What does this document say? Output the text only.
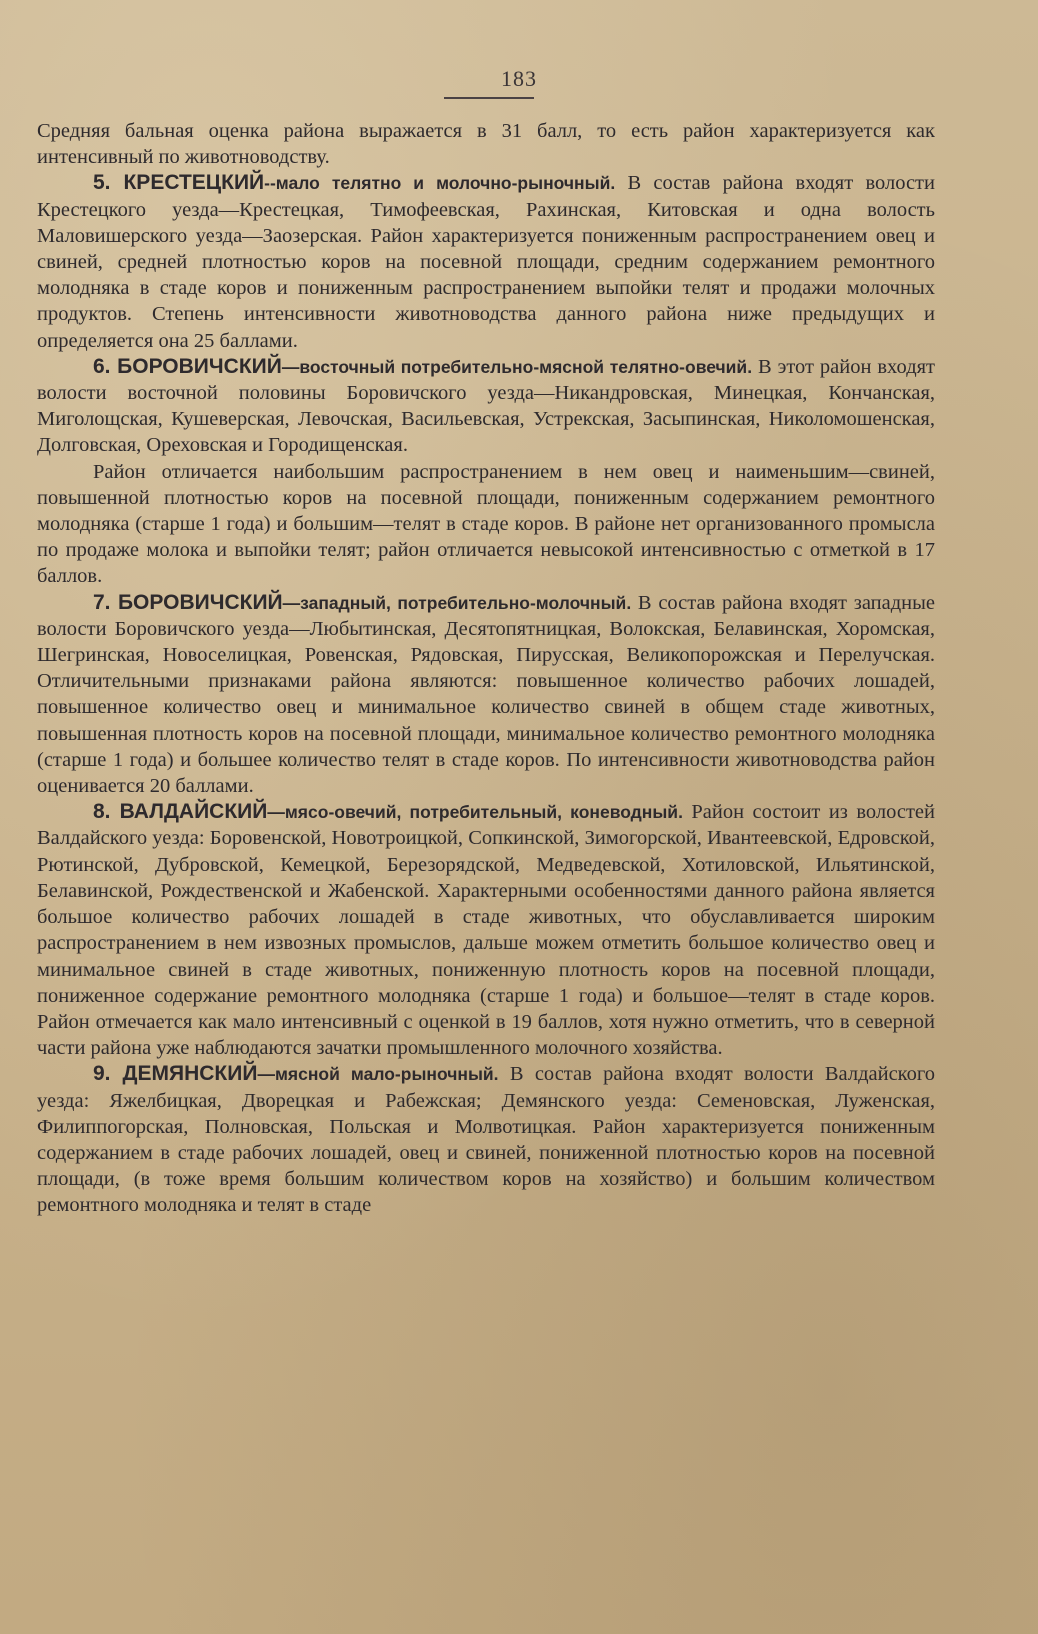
183

Средняя бальная оценка района выражается в 31 балл, то есть район характеризуется как интенсивный по животноводству.

5. КРЕСТЕЦКИЙ--мало телятно и молочно-рыночный. В состав района входят волости Крестецкого уезда—Крестецкая, Тимофеевская, Рахинская, Китовская и одна волость Маловишерского уезда—Заозерская. Район характеризуется пониженным распространением овец и свиней, средней плотностью коров на посевной площади, средним содержанием ремонтного молодняка в стаде коров и пониженным распространением выпойки телят и продажи молочных продуктов. Степень интенсивности животноводства данного района ниже предыдущих и определяется она 25 баллами.

6. БОРОВИЧСКИЙ—восточный потребительно-мясной телятно-овечий. В этот район входят волости восточной половины Боровичского уезда—Никандровская, Минецкая, Кончанская, Миголощская, Кушеверская, Левочская, Васильевская, Устрекская, Засыпинская, Николомошенская, Долговская, Ореховская и Городищенская.

Район отличается наибольшим распространением в нем овец и наименьшим—свиней, повышенной плотностью коров на посевной площади, пониженным содержанием ремонтного молодняка (старше 1 года) и большим—телят в стаде коров. В районе нет организованного промысла по продаже молока и выпойки телят; район отличается невысокой интенсивностью с отметкой в 17 баллов.

7. БОРОВИЧСКИЙ—западный, потребительно-молочный. В состав района входят западные волости Боровичского уезда—Любытинская, Десятопятницкая, Волокская, Белавинская, Хоромская, Шегринская, Новоселицкая, Ровенская, Рядовская, Пирусская, Великопорожская и Перелучская. Отличительными признаками района являются: повышенное количество рабочих лошадей, повышенное количество овец и минимальное количество свиней в общем стаде животных, повышенная плотность коров на посевной площади, минимальное количество ремонтного молодняка (старше 1 года) и большее количество телят в стаде коров. По интенсивности животноводства район оценивается 20 баллами.

8. ВАЛДАЙСКИЙ—мясо-овечий, потребительный, коневодный. Район состоит из волостей Валдайского уезда: Боровенской, Новотроицкой, Сопкинской, Зимогорской, Ивантеевской, Едровской, Рютинской, Дубровской, Кемецкой, Березорядской, Медведевской, Хотиловской, Ильятинской, Белавинской, Рождественской и Жабенской. Характерными особенностями данного района является большое количество рабочих лошадей в стаде животных, что обуславливается широким распространением в нем извозных промыслов, дальше можем отметить большое количество овец и минимальное свиней в стаде животных, пониженную плотность коров на посевной площади, пониженное содержание ремонтного молодняка (старше 1 года) и большое—телят в стаде коров. Район отмечается как мало интенсивный с оценкой в 19 баллов, хотя нужно отметить, что в северной части района уже наблюдаются зачатки промышленного молочного хозяйства.

9. ДЕМЯНСКИЙ—мясной мало-рыночный. В состав района входят волости Валдайского уезда: Яжелбицкая, Дворецкая и Рабежская; Демянского уезда: Семеновская, Луженская, Филиппогорская, Полновская, Польская и Молвотицкая. Район характеризуется пониженным содержанием в стаде рабочих лошадей, овец и свиней, пониженной плотностью коров на посевной площади, (в тоже время большим количеством коров на хозяйство) и большим количеством ремонтного молодняка и телят в стаде
